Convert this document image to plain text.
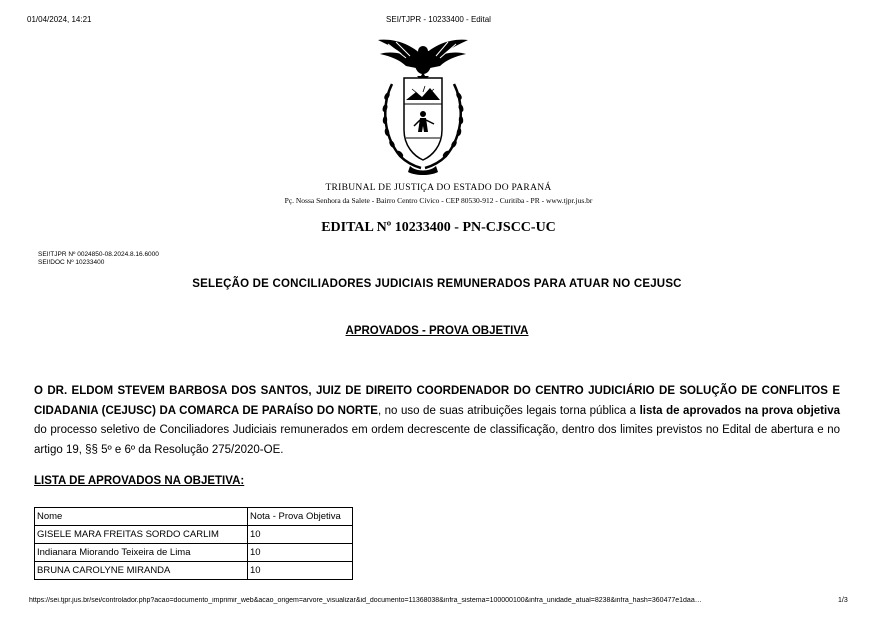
01/04/2024, 14:21	SEI/TJPR - 10233400 - Edital
TRIBUNAL DE JUSTIÇA DO ESTADO DO PARANÁ
Pç. Nossa Senhora da Salete - Bairro Centro Cívico - CEP 80530-912 - Curitiba - PR - www.tjpr.jus.br
EDITAL Nº 10233400 - PN-CJSCC-UC
SEI!TJPR Nº 0024850-08.2024.8.16.6000
SEI!DOC Nº 10233400
SELEÇÃO DE CONCILIADORES JUDICIAIS REMUNERADOS PARA ATUAR NO CEJUSC
APROVADOS - PROVA OBJETIVA
O DR. ELDOM STEVEM BARBOSA DOS SANTOS, JUIZ DE DIREITO COORDENADOR DO CENTRO JUDICIÁRIO DE SOLUÇÃO DE CONFLITOS E CIDADANIA (CEJUSC) DA COMARCA DE PARAÍSO DO NORTE, no uso de suas atribuições legais torna pública a lista de aprovados na prova objetiva do processo seletivo de Conciliadores Judiciais remunerados em ordem decrescente de classificação, dentro dos limites previstos no Edital de abertura e no artigo 19, §§ 5º e 6º da Resolução 275/2020-OE.
LISTA DE APROVADOS NA OBJETIVA:
Nome	Nota - Prova Objetiva
GISELE MARA FREITAS SORDO CARLIM	10
Indianara Miorando Teixeira de Lima	10
BRUNA CAROLYNE MIRANDA	10
https://sei.tjpr.jus.br/sei/controlador.php?acao=documento_imprimir_web&acao_origem=arvore_visualizar&id_documento=11368038&infra_sistema=100000100&infra_unidade_atual=8238&infra_hash=360477e1daa…	1/3
